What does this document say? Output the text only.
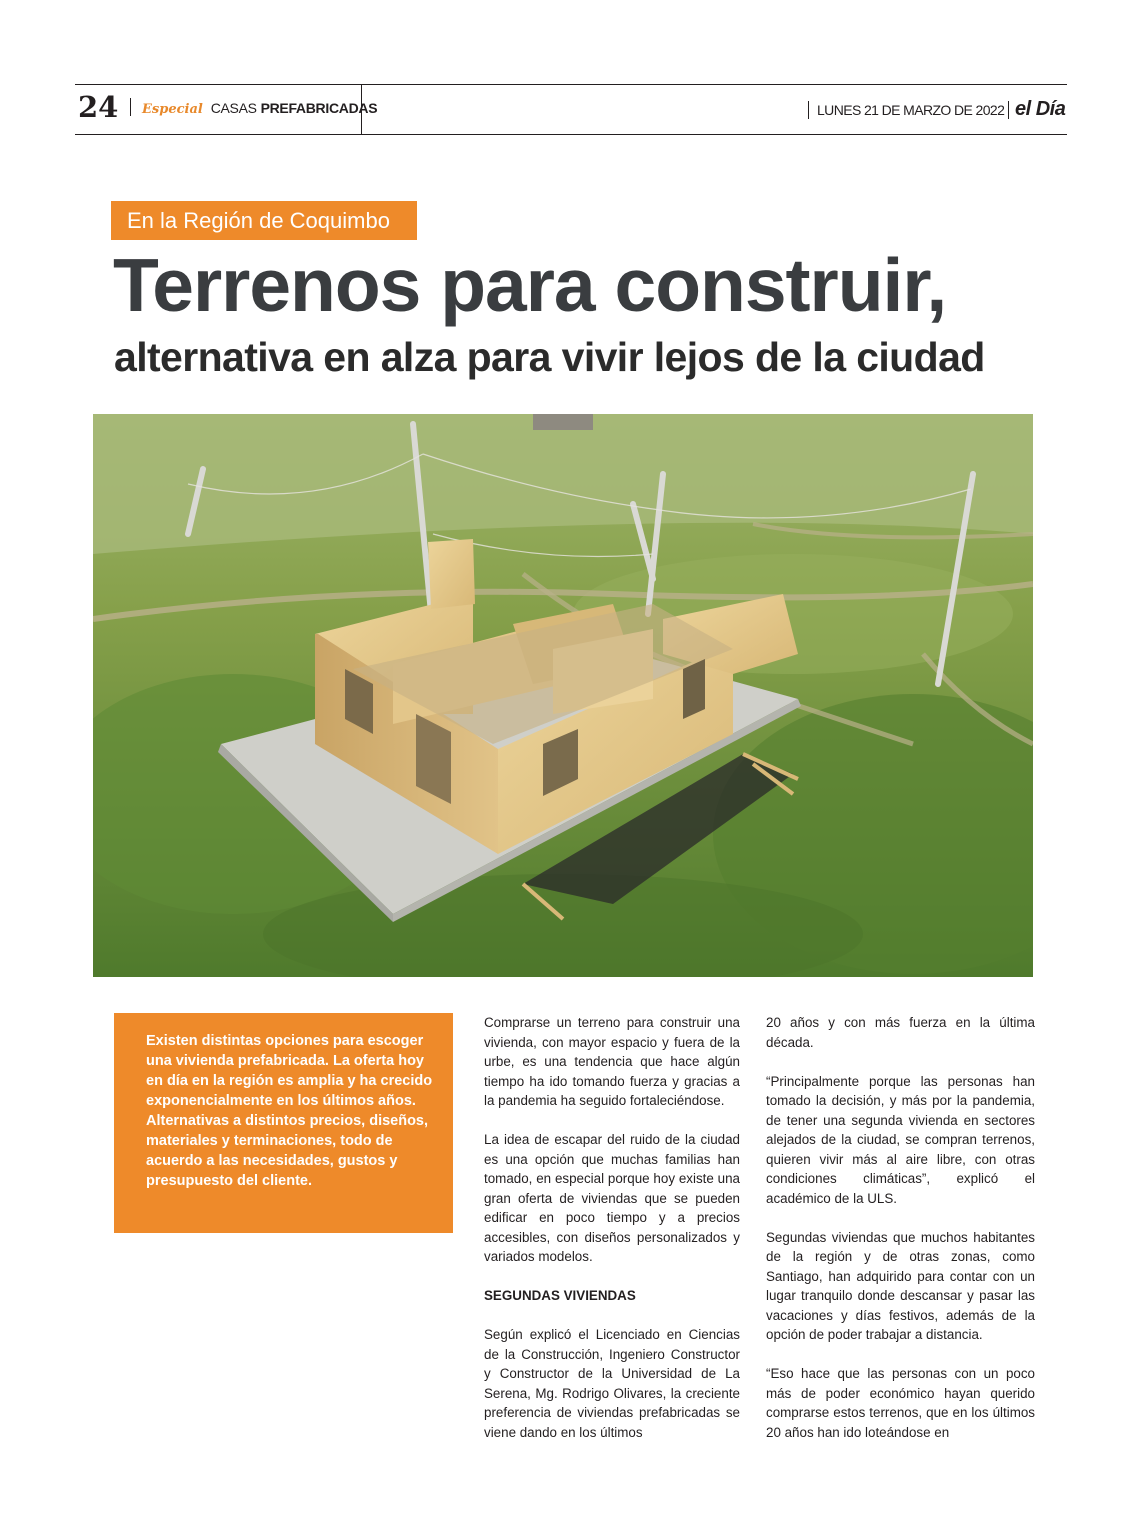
24 Especial CASAS PREFABRICADAS	LUNES 21 DE MARZO DE 2022 el Día
En la Región de Coquimbo
Terrenos para construir,
alternativa en alza para vivir lejos de la ciudad

Existen distintas opciones para escoger una vivienda prefabricada. La oferta hoy en día en la región es amplia y ha crecido exponencialmente en los últimos años. Alternativas a distintos precios, diseños, materiales y terminaciones, todo de acuerdo a las necesidades, gustos y presupuesto del cliente.

Comprarse un terreno para construir una vivienda, con mayor espacio y fuera de la urbe, es una tendencia que hace algún tiempo ha ido tomando fuerza y gracias a la pandemia ha seguido fortaleciéndose.

La idea de escapar del ruido de la ciudad es una opción que muchas familias han tomado, en especial porque hoy existe una gran oferta de viviendas que se pueden edificar en poco tiempo y a precios accesibles, con diseños personalizados y variados modelos.

SEGUNDAS VIVIENDAS

Según explicó el Licenciado en Ciencias de la Construcción, Ingeniero Constructor y Constructor de la Universidad de La Serena, Mg. Rodrigo Olivares, la creciente preferencia de viviendas prefabricadas se viene dando en los últimos

20 años y con más fuerza en la última década.

“Principalmente porque las personas han tomado la decisión, y más por la pandemia, de tener una segunda vivienda en sectores alejados de la ciudad, se compran terrenos, quieren vivir más al aire libre, con otras condiciones climáticas”, explicó el académico de la ULS.

Segundas viviendas que muchos habitantes de la región y de otras zonas, como Santiago, han adquirido para contar con un lugar tranquilo donde descansar y pasar las vacaciones y días festivos, además de la opción de poder trabajar a distancia.

“Eso hace que las personas con un poco más de poder económico hayan querido comprarse estos terrenos, que en los últimos 20 años han ido loteándose en
